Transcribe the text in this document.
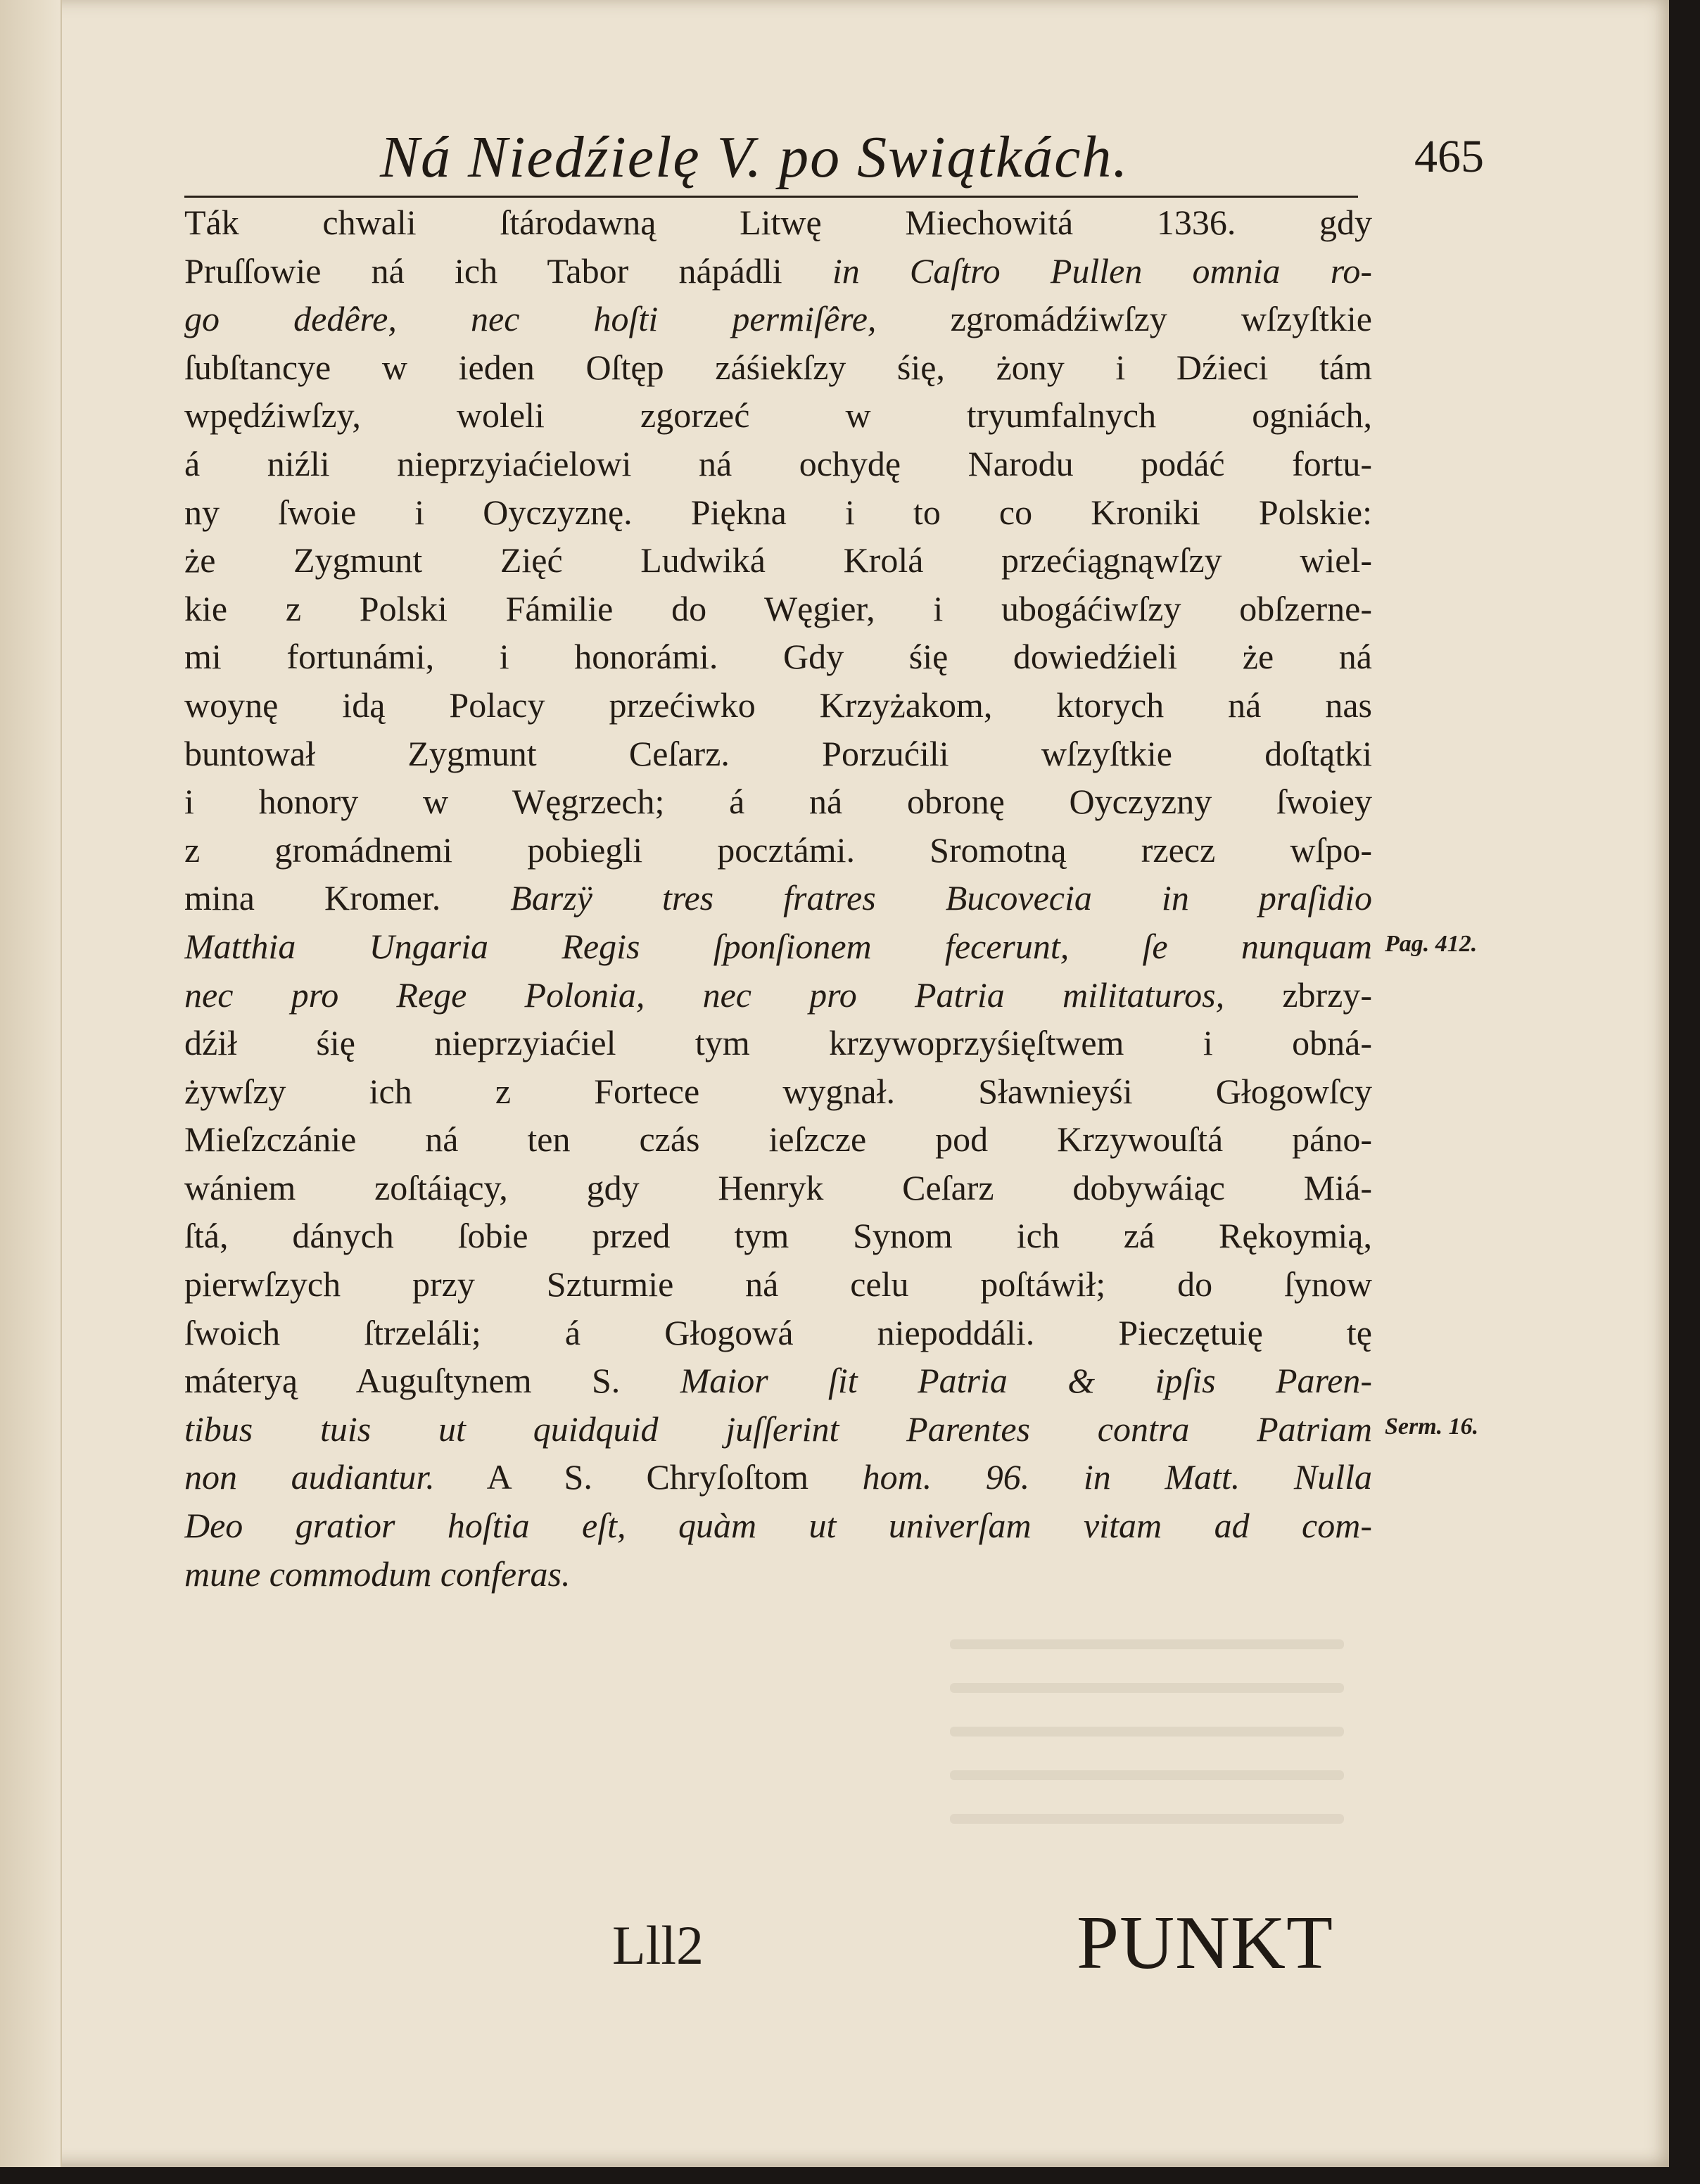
Ná Niedźielę V. po Swiątkách.	465
Ták chwali ſtárodawną Litwę Miechowitá 1336. gdy
Pruſſowie ná ich Tabor nápádli in Caſtro Pullen omnia ro-
go dedêre, nec hoſti permiſêre, zgromádźiwſzy wſzyſtkie
ſubſtancye w ieden Oſtęp záśiekſzy śię, żony i Dźieci tám
wpędźiwſzy, woleli zgorzeć w tryumfalnych ogniách,
á niźli nieprzyiaćielowi ná ochydę Narodu podáć fortu-
ny ſwoie i Oyczyznę. Piękna i to co Kroniki Polskie:
że Zygmunt Zięć Ludwiká Krolá przećiągnąwſzy wiel-
kie z Polski Fámilie do Węgier, i ubogáćiwſzy obſzerne-
mi fortunámi, i honorámi. Gdy śię dowiedźieli że ná
woynę idą Polacy przećiwko Krzyżakom, ktorych ná nas
buntował Zygmunt Ceſarz. Porzućili wſzyſtkie doſtątki
i honory w Węgrzech; á ná obronę Oyczyzny ſwoiey
z gromádnemi pobiegli pocztámi. Sromotną rzecz wſpo-
mina Kromer. Barzÿ tres fratres Bucovecia in praſidio
Matthia Ungaria Regis ſponſionem fecerunt, ſe nunquam
nec pro Rege Polonia, nec pro Patria militaturos, zbrzy-
dźił śię nieprzyiaćiel tym krzywoprzyśięſtwem i obná-
żywſzy ich z Fortece wygnał. Sławnieyśi Głogowſcy
Mieſzczánie ná ten czás ieſzcze pod Krzywouſtá páno-
wániem zoſtáiący, gdy Henryk Ceſarz dobywáiąc Miá-
ſtá, dánych ſobie przed tym Synom ich zá Rękoymią,
pierwſzych przy Szturmie ná celu poſtáwił; do ſynow
ſwoich ſtrzeláli; á Głogowá niepoddáli. Pieczętuię tę
máteryą Auguſtynem S. Maior ſit Patria & ipſis Paren-
tibus tuis ut quidquid juſſerint Parentes contra Patriam
non audiantur. A S. Chryſoſtom hom. 96. in Matt. Nulla
Deo gratior hoſtia eſt, quàm ut univerſam vitam ad com-
mune commodum conferas.
Pag. 412.
Serm. 16.
Lll2	PUNKT
